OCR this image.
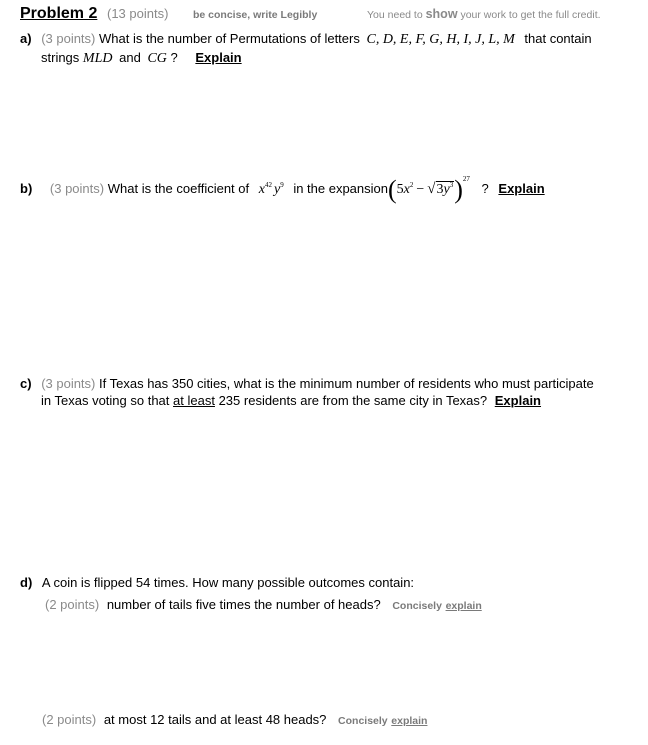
Problem 2 (13 points) be concise, write Legibly	You need to show your work to get the full credit.
a) (3 points) What is the number of Permutations of letters C, D, E, F, G, H, I, J, L, M that contain
strings MLD and CG ? Explain
b) (3 points) What is the coefficient of $x^{42}$ $y^9$ in the $expansion(5x^2 - √3y^3)^{27}$ ? Explain
c) (3 points) If Texas has 350 cities, what is the minimum number of residents who must participate
in Texas voting so that at least 235 residents are from the same city in Texas? Explain
d) A coin is flipped 54 times. How many possible outcomes contain:
(2 points) number of tails five times the number of heads? Concisely explain
(2 points) at most 12 tails and at least 48 heads? Concisely explain
